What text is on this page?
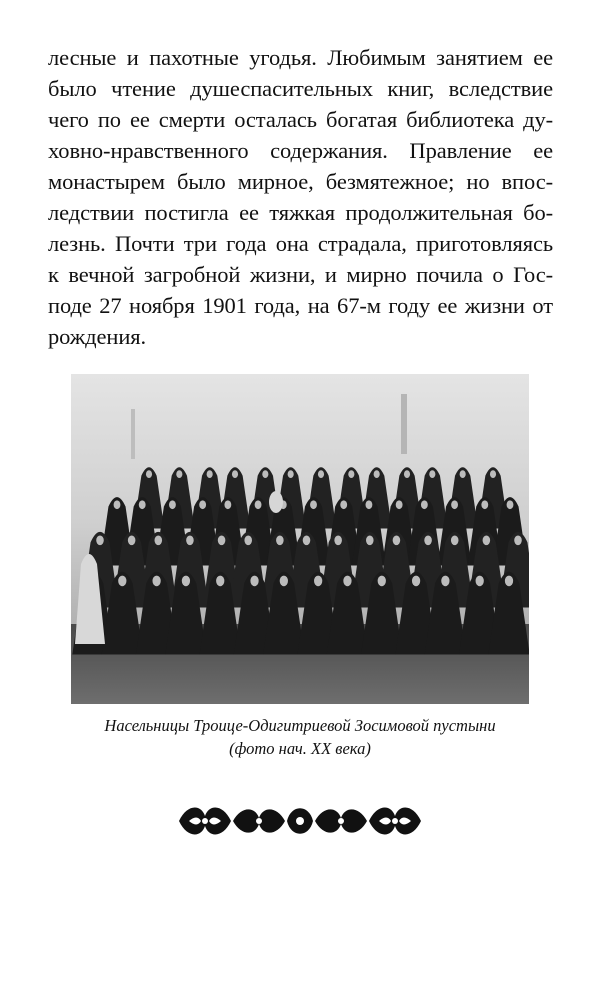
лесные и пахотные угодья. Любимым занятием ее
было чтение душеспасительных книг, вследствие
чего по ее смерти осталась богатая библиотека ду-
ховно-нравственного содержания. Правление ее
монастырем было мирное, безмятежное; но впос-
ледствии постигла ее тяжкая продолжительная бо-
лезнь. Почти три года она страдала, приготовляясь
к вечной загробной жизни, и мирно почила о Гос-
поде 27 ноября 1901 года, на 67-м году ее жизни от
рождения.
Насельницы Троице-Одигитриевой Зосимовой пустыни
(фото нач. XX века)
